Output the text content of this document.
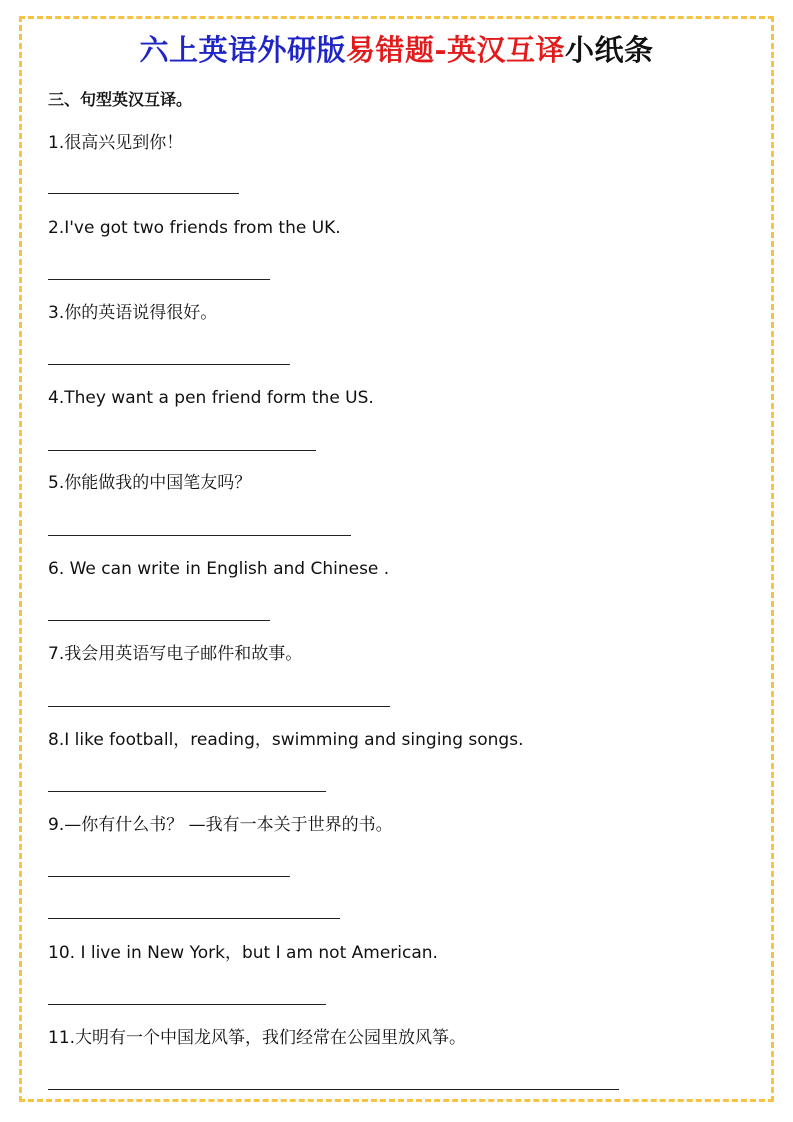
六上英语外研版易错题-英汉互译小纸条
三、句型英汉互译。
1.很高兴见到你！
2.I've got two friends from the UK.
3.你的英语说得很好。
4.They want a pen friend form the US.
5.你能做我的中国笔友吗？
6. We can write in English and Chinese .
7.我会用英语写电子邮件和故事。
8.I like football，reading，swimming and singing songs.
9.—你有什么书？ —我有一本关于世界的书。
10. I live in New York，but I am not American.
11.大明有一个中国龙风筝，我们经常在公园里放风筝。
